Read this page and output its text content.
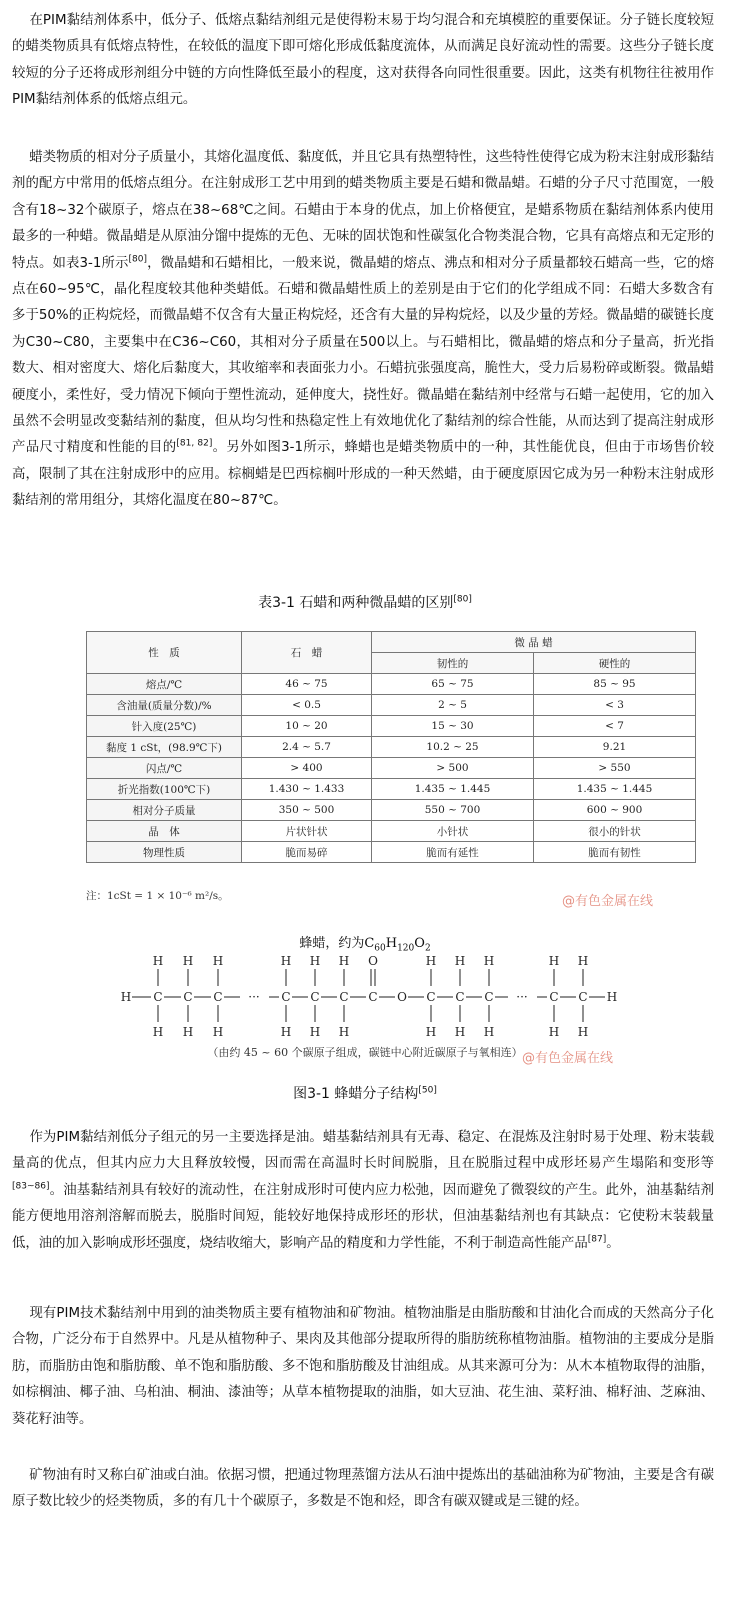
在PIM黏结剂体系中，低分子、低熔点黏结剂组元是使得粉末易于均匀混合和充填模腔的重要保证。分子链长度较短的蜡类物质具有低熔点特性，在较低的温度下即可熔化形成低黏度流体，从而满足良好流动性的需要。这些分子链长度较短的分子还将成形剂组分中链的方向性降低至最小的程度，这对获得各向同性很重要。因此，这类有机物往往被用作PIM黏结剂体系的低熔点组元。

蜡类物质的相对分子质量小，其熔化温度低、黏度低，并且它具有热塑特性，这些特性使得它成为粉末注射成形黏结剂的配方中常用的低熔点组分。在注射成形工艺中用到的蜡类物质主要是石蜡和微晶蜡。石蜡的分子尺寸范围宽，一般含有18~32个碳原子，熔点在38~68℃之间。石蜡由于本身的优点，加上价格便宜，是蜡系物质在黏结剂体系内使用最多的一种蜡。微晶蜡是从原油分馏中提炼的无色、无味的固状饱和性碳氢化合物类混合物，它具有高熔点和无定形的特点。如表3-1所示[80]，微晶蜡和石蜡相比，一般来说，微晶蜡的熔点、沸点和相对分子质量都较石蜡高一些，它的熔点在60~95℃，晶化程度较其他种类蜡低。石蜡和微晶蜡性质上的差别是由于它们的化学组成不同：石蜡大多数含有多于50%的正构烷烃，而微晶蜡不仅含有大量正构烷烃，还含有大量的异构烷烃，以及少量的芳烃。微晶蜡的碳链长度为C30~C80，主要集中在C36~C60，其相对分子质量在500以上。与石蜡相比，微晶蜡的熔点和分子量高，折光指数大、相对密度大、熔化后黏度大，其收缩率和表面张力小。石蜡抗张强度高，脆性大，受力后易粉碎或断裂。微晶蜡硬度小，柔性好，受力情况下倾向于塑性流动，延伸度大，挠性好。微晶蜡在黏结剂中经常与石蜡一起使用，它的加入虽然不会明显改变黏结剂的黏度，但从均匀性和热稳定性上有效地优化了黏结剂的综合性能，从而达到了提高注射成形产品尺寸精度和性能的目的[81, 82]。另外如图3-1所示，蜂蜡也是蜡类物质中的一种，其性能优良，但由于市场售价较高，限制了其在注射成形中的应用。棕榈蜡是巴西棕榈叶形成的一种天然蜡，由于硬度原因它成为另一种粉末注射成形黏结剂的常用组分，其熔化温度在80~87℃。

表3-1 石蜡和两种微晶蜡的区别[80]
性　质	石　蜡	微 晶 蜡	
		韧性的	硬性的
熔点/℃	46 ~ 75	65 ~ 75	85 ~ 95
含油量(质量分数)/%	< 0.5	2 ~ 5	< 3
针入度(25℃)	10 ~ 20	15 ~ 30	< 7
黏度 1 cSt，(98.9℃下)	2.4 ~ 5.7	10.2 ~ 25	9.21
闪点/℃	> 400	> 500	> 550
折光指数(100℃下)	1.430 ~ 1.433	1.435 ~ 1.445	1.435 ~ 1.445
相对分子质量	350 ~ 500	550 ~ 700	600 ~ 900
晶　体	片状针状	小针状	很小的针状
物理性质	脆而易碎	脆而有延性	脆而有韧性
注：1cSt = 1 × 10⁻⁶ m²/s。	@有色金属在线
蜂蜡，约为$C_{60}H_{120}O_2$
H C C C ··· C C C C O C C C ··· C C H
H H H	H H H O	H H H	H H
H H H	H H H	H H H	H H
（由约 45 ~ 60 个碳原子组成，碳链中心附近碳原子与氧相连） @有色金属在线
图3-1 蜂蜡分子结构[50]

作为PIM黏结剂低分子组元的另一主要选择是油。蜡基黏结剂具有无毒、稳定、在混炼及注射时易于处理、粉末装载量高的优点，但其内应力大且释放较慢，因而需在高温时长时间脱脂，且在脱脂过程中成形坯易产生塌陷和变形等[83~86]。油基黏结剂具有较好的流动性，在注射成形时可使内应力松弛，因而避免了微裂纹的产生。此外，油基黏结剂能方便地用溶剂溶解而脱去，脱脂时间短，能较好地保持成形坯的形状，但油基黏结剂也有其缺点：它使粉末装载量低，油的加入影响成形坯强度，烧结收缩大，影响产品的精度和力学性能，不利于制造高性能产品[87]。

现有PIM技术黏结剂中用到的油类物质主要有植物油和矿物油。植物油脂是由脂肪酸和甘油化合而成的天然高分子化合物，广泛分布于自然界中。凡是从植物种子、果肉及其他部分提取所得的脂肪统称植物油脂。植物油的主要成分是脂肪，而脂肪由饱和脂肪酸、单不饱和脂肪酸、多不饱和脂肪酸及甘油组成。从其来源可分为：从木本植物取得的油脂，如棕榈油、椰子油、乌桕油、桐油、漆油等；从草本植物提取的油脂，如大豆油、花生油、菜籽油、棉籽油、芝麻油、葵花籽油等。

矿物油有时又称白矿油或白油。依据习惯，把通过物理蒸馏方法从石油中提炼出的基础油称为矿物油，主要是含有碳原子数比较少的烃类物质，多的有几十个碳原子，多数是不饱和烃，即含有碳双键或是三键的烃。
